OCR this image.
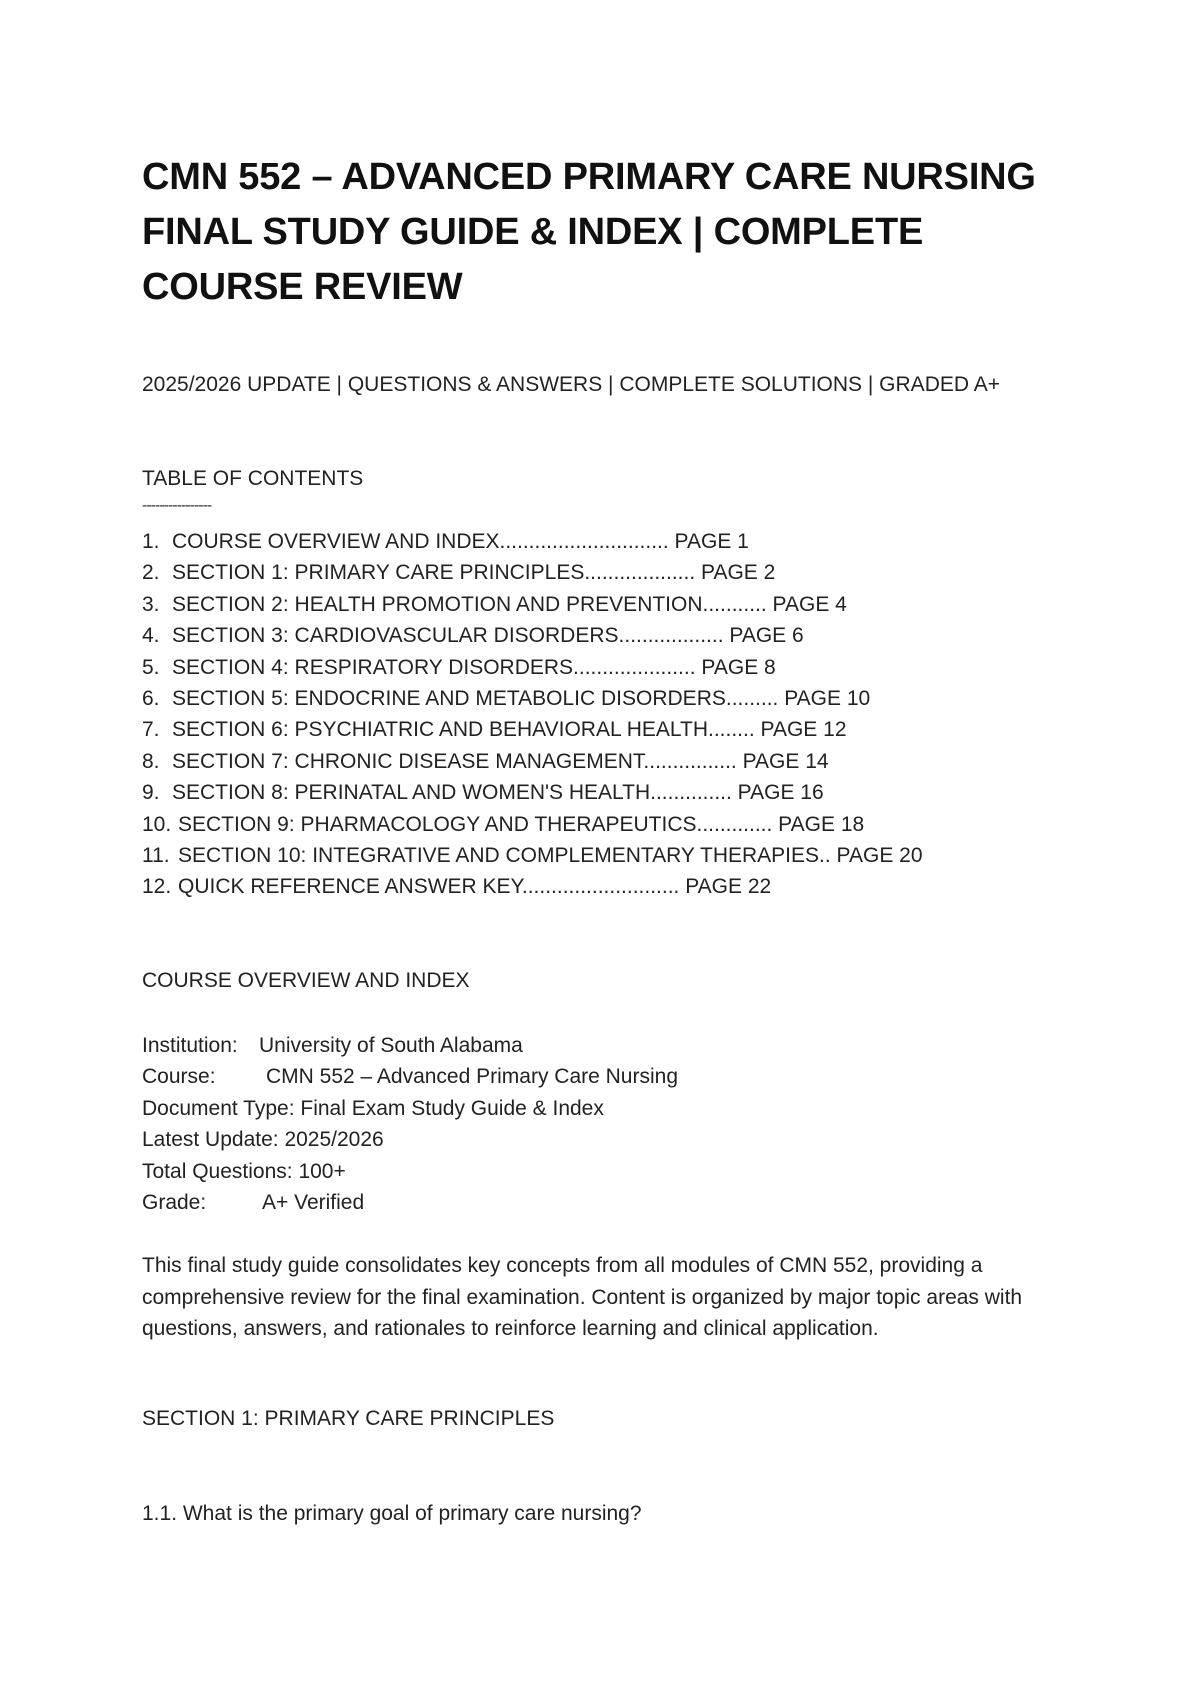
CMN 552 – ADVANCED PRIMARY CARE NURSING
FINAL STUDY GUIDE & INDEX | COMPLETE
COURSE REVIEW
2025/2026 UPDATE | QUESTIONS & ANSWERS | COMPLETE SOLUTIONS | GRADED A+
TABLE OF CONTENTS
----------------
1. COURSE OVERVIEW AND INDEX............................. PAGE 1
2. SECTION 1: PRIMARY CARE PRINCIPLES................... PAGE 2
3. SECTION 2: HEALTH PROMOTION AND PREVENTION........... PAGE 4
4. SECTION 3: CARDIOVASCULAR DISORDERS.................. PAGE 6
5. SECTION 4: RESPIRATORY DISORDERS..................... PAGE 8
6. SECTION 5: ENDOCRINE AND METABOLIC DISORDERS......... PAGE 10
7. SECTION 6: PSYCHIATRIC AND BEHAVIORAL HEALTH........ PAGE 12
8. SECTION 7: CHRONIC DISEASE MANAGEMENT................ PAGE 14
9. SECTION 8: PERINATAL AND WOMEN'S HEALTH.............. PAGE 16
10. SECTION 9: PHARMACOLOGY AND THERAPEUTICS............. PAGE 18
11. SECTION 10: INTEGRATIVE AND COMPLEMENTARY THERAPIES.. PAGE 20
12. QUICK REFERENCE ANSWER KEY........................... PAGE 22
COURSE OVERVIEW AND INDEX
Institution: University of South Alabama
Course: CMN 552 – Advanced Primary Care Nursing
Document Type: Final Exam Study Guide & Index
Latest Update: 2025/2026
Total Questions: 100+
Grade:	A+ Verified

This final study guide consolidates key concepts from all modules of CMN 552, providing a comprehensive review for the final examination. Content is organized by major topic areas with questions, answers, and rationales to reinforce learning and clinical application.

SECTION 1: PRIMARY CARE PRINCIPLES
1.1. What is the primary goal of primary care nursing?
